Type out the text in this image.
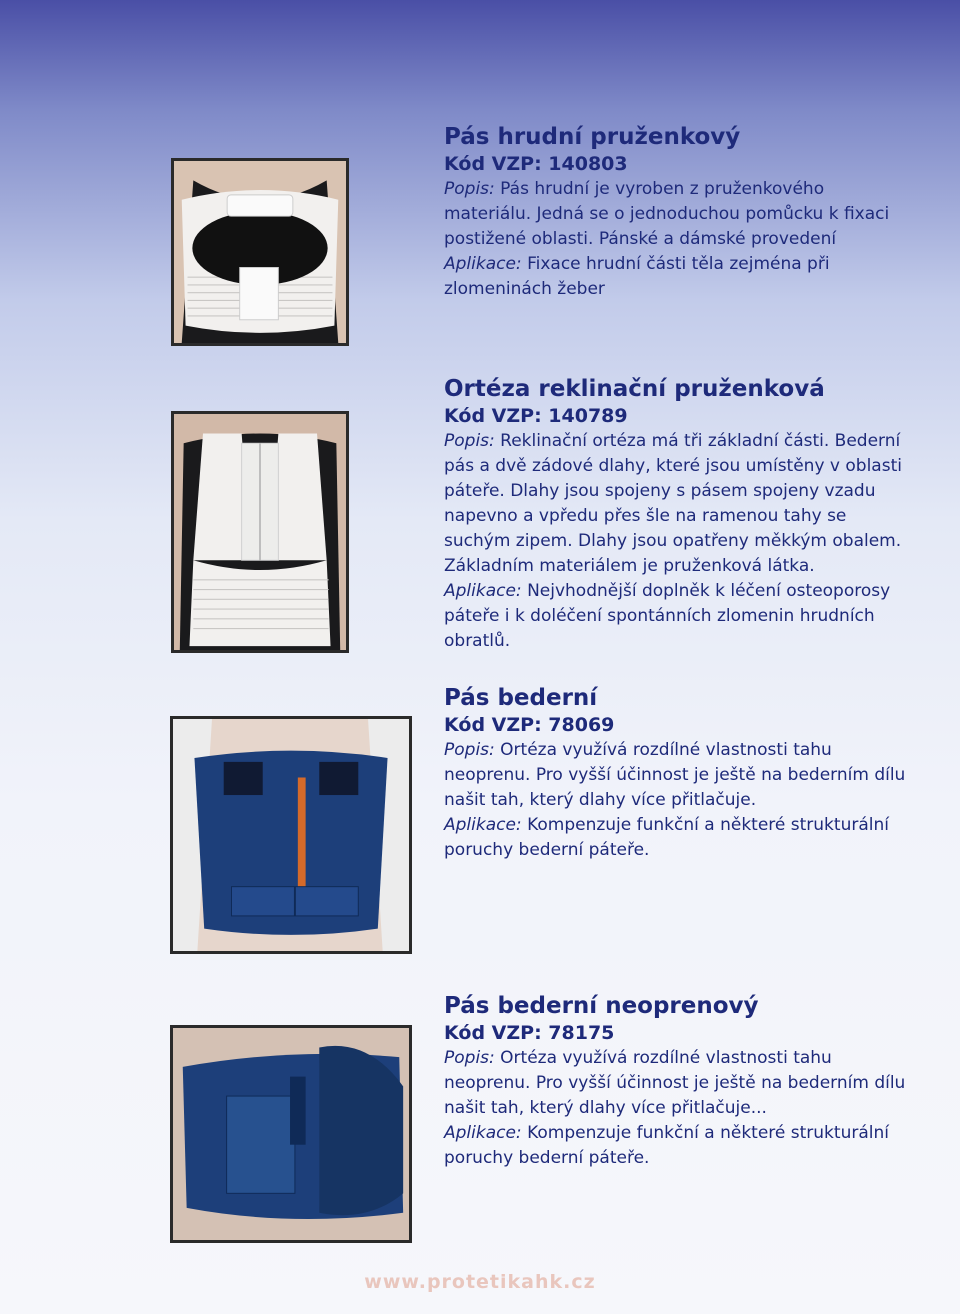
Pás hrudní pruženkový
Kód VZP: 140803
Popis: Pás hrudní je vyroben z pruženkového materiálu. Jedná se o jednoduchou pomůcku k fixaci postižené oblasti. Pánské a dámské provedení
Aplikace: Fixace hrudní části těla zejména při zlomeninách žeber
Ortéza reklinační pruženková
Kód VZP: 140789
Popis: Reklinační ortéza má tři základní části. Bederní pás a dvě zádové dlahy, které jsou umístěny v oblasti páteře. Dlahy jsou spojeny s pásem spojeny vzadu napevno a vpředu přes šle na ramenou tahy se suchým zipem. Dlahy jsou opatřeny měkkým obalem. Základním materiálem je pruženková látka.
Aplikace: Nejvhodnější doplněk k léčení osteoporosy páteře i k doléčení spontánních zlomenin hrudních obratlů.
Pás bederní
Kód VZP: 78069
Popis: Ortéza využívá rozdílné vlastnosti tahu neoprenu. Pro vyšší účinnost je ještě na bederním dílu našit tah, který dlahy více přitlačuje.
Aplikace: Kompenzuje funkční a některé strukturální poruchy bederní páteře.
Pás bederní neoprenový
Kód VZP: 78175
Popis: Ortéza využívá rozdílné vlastnosti tahu neoprenu. Pro vyšší účinnost je ještě na bederním dílu našit tah, který dlahy více přitlačuje...
Aplikace: Kompenzuje funkční a některé strukturální poruchy bederní páteře.
www.protetikahk.cz
